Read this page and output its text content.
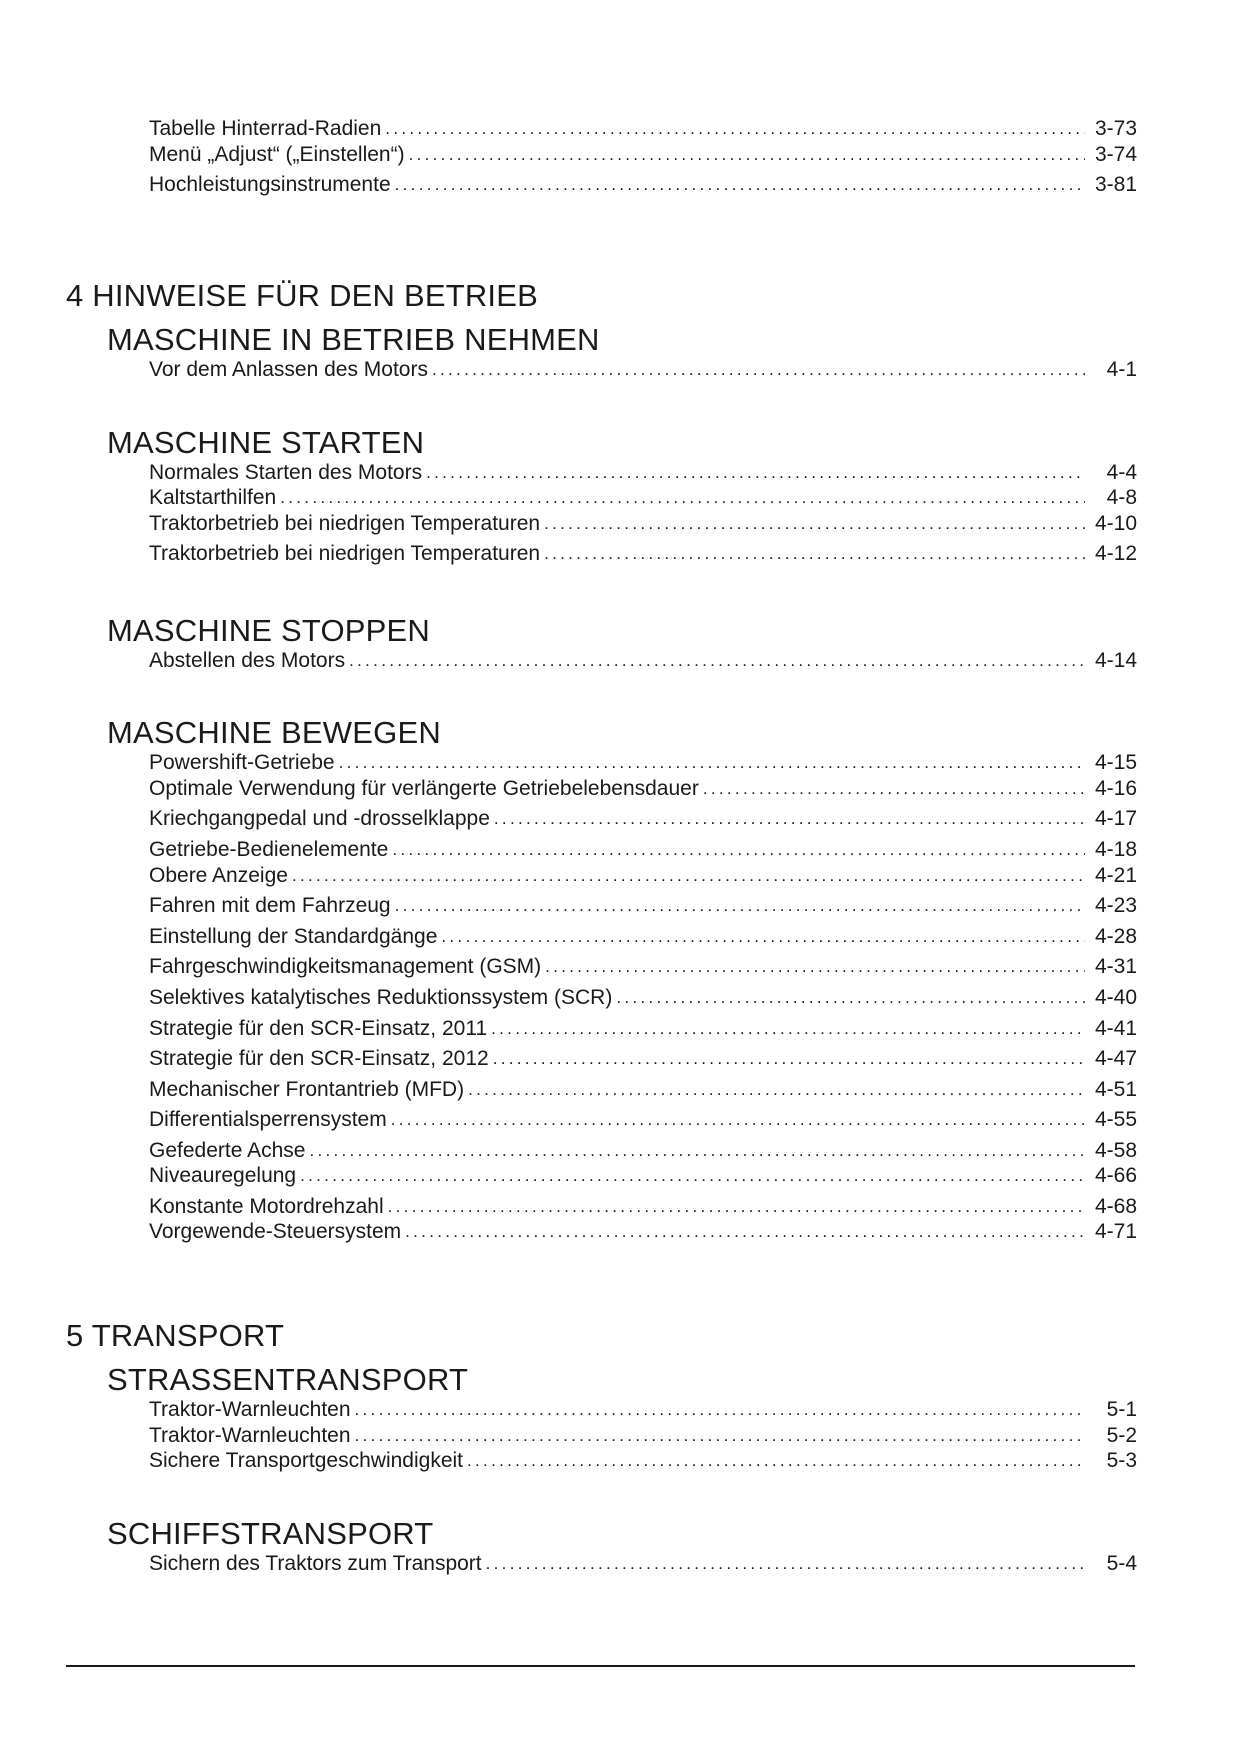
Tabelle Hinterrad-Radien .....	3-73
Menü „Adjust“ („Einstellen“) .....	3-74
Hochleistungsinstrumente .....	3-81
4 HINWEISE FÜR DEN BETRIEB
MASCHINE IN BETRIEB NEHMEN
Vor dem Anlassen des Motors .....	4-1
MASCHINE STARTEN
Normales Starten des Motors .....	4-4
Kaltstarthilfen .....	4-8
Traktorbetrieb bei niedrigen Temperaturen .....	4-10
Traktorbetrieb bei niedrigen Temperaturen .....	4-12
MASCHINE STOPPEN
Abstellen des Motors .....	4-14
MASCHINE BEWEGEN
Powershift-Getriebe .....	4-15
Optimale Verwendung für verlängerte Getriebelebensdauer .....	4-16
Kriechgangpedal und -drosselklappe .....	4-17
Getriebe-Bedienelemente .....	4-18
Obere Anzeige .....	4-21
Fahren mit dem Fahrzeug .....	4-23
Einstellung der Standardgänge .....	4-28
Fahrgeschwindigkeitsmanagement (GSM) .....	4-31
Selektives katalytisches Reduktionssystem (SCR) .....	4-40
Strategie für den SCR-Einsatz, 2011 .....	4-41
Strategie für den SCR-Einsatz, 2012 .....	4-47
Mechanischer Frontantrieb (MFD) .....	4-51
Differentialsperrensystem .....	4-55
Gefederte Achse .....	4-58
Niveauregelung .....	4-66
Konstante Motordrehzahl .....	4-68
Vorgewende-Steuersystem .....	4-71
5 TRANSPORT
STRASSENTRANSPORT
Traktor-Warnleuchten .....	5-1
Traktor-Warnleuchten .....	5-2
Sichere Transportgeschwindigkeit .....	5-3
SCHIFFSTRANSPORT
Sichern des Traktors zum Transport .....	5-4
